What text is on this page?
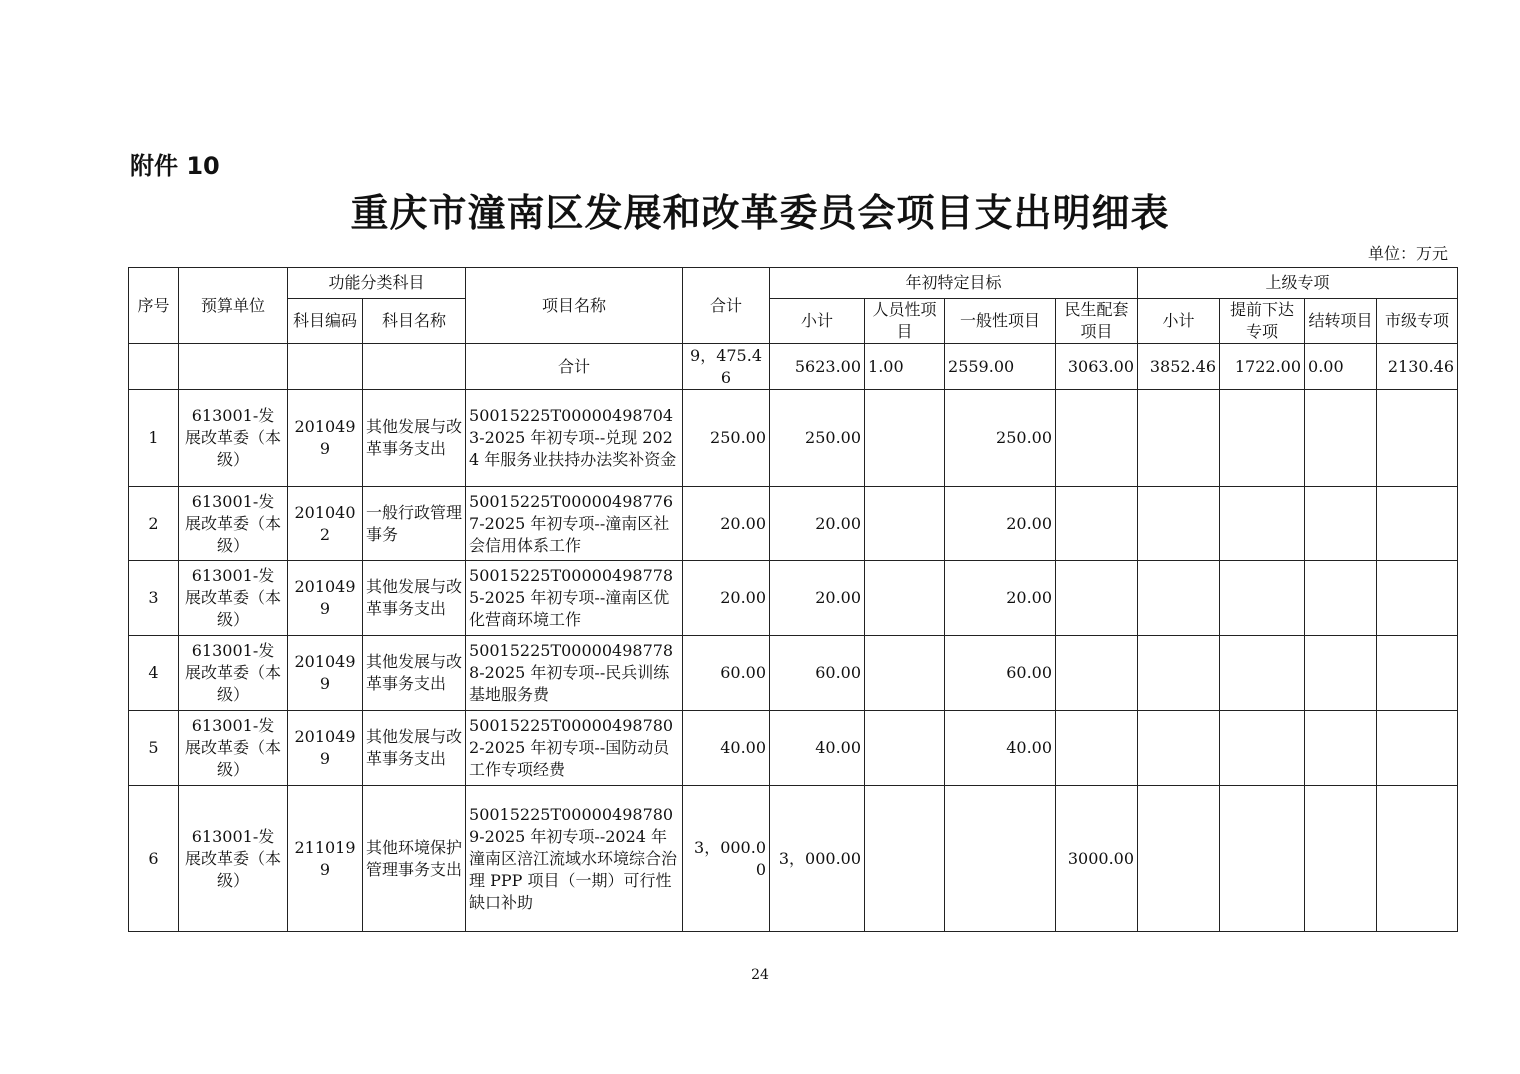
附件 10
重庆市潼南区发展和改革委员会项目支出明细表
单位：万元
序号	预算单位	功能分类科目		项目名称	合计	年初特定目标				上级专项			
		科目编码	科目名称			小计	人员性项目	一般性项目	民生配套项目	小计	提前下达专项	结转项目	市级专项
				合计	9，475.46	5623.00	1.00	2559.00	3063.00	3852.46	1722.00	0.00	2130.46
1	613001-发展改革委（本级）	2010499	其他发展与改革事务支出	50015225T000004987043-2025 年初专项--兑现 2024 年服务业扶持办法奖补资金	250.00	250.00		250.00					
2	613001-发展改革委（本级）	2010402	一般行政管理事务	50015225T000004987767-2025 年初专项--潼南区社会信用体系工作	20.00	20.00		20.00					
3	613001-发展改革委（本级）	2010499	其他发展与改革事务支出	50015225T000004987785-2025 年初专项--潼南区优化营商环境工作	20.00	20.00		20.00					
4	613001-发展改革委（本级）	2010499	其他发展与改革事务支出	50015225T000004987788-2025 年初专项--民兵训练基地服务费	60.00	60.00		60.00					
5	613001-发展改革委（本级）	2010499	其他发展与改革事务支出	50015225T000004987802-2025 年初专项--国防动员工作专项经费	40.00	40.00		40.00					
6	613001-发展改革委（本级）	2110199	其他环境保护管理事务支出	50015225T000004987809-2025 年初专项--2024 年潼南区涪江流域水环境综合治理 PPP 项目（一期）可行性缺口补助	3，000.00	3，000.00			3000.00				
24
